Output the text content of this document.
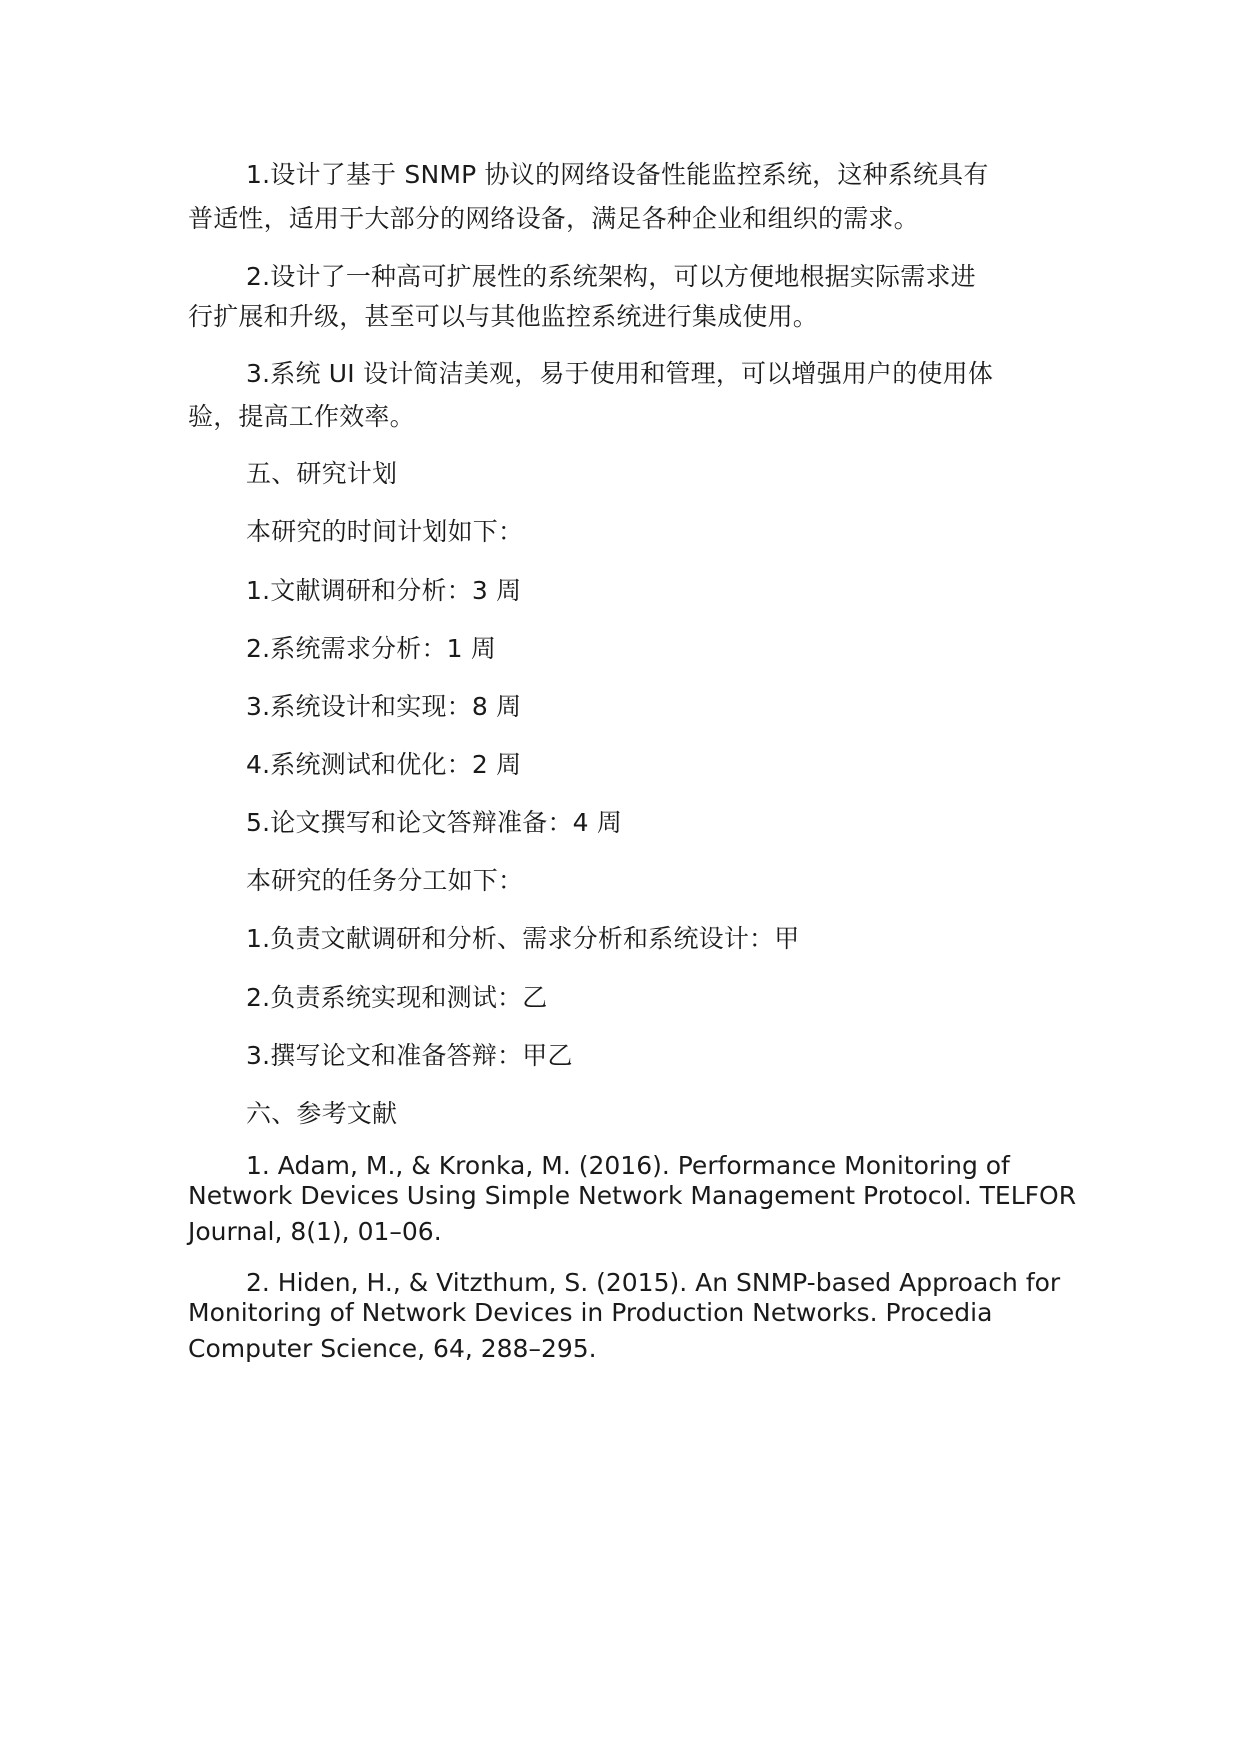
1.设计了基于 SNMP 协议的网络设备性能监控系统，这种系统具有
普适性，适用于大部分的网络设备，满足各种企业和组织的需求。
2.设计了一种高可扩展性的系统架构，可以方便地根据实际需求进
行扩展和升级，甚至可以与其他监控系统进行集成使用。
3.系统 UI 设计简洁美观，易于使用和管理，可以增强用户的使用体
验，提高工作效率。
五、研究计划
本研究的时间计划如下：
1.文献调研和分析：3 周
2.系统需求分析：1 周
3.系统设计和实现：8 周
4.系统测试和优化：2 周
5.论文撰写和论文答辩准备：4 周
本研究的任务分工如下：
1.负责文献调研和分析、需求分析和系统设计：甲
2.负责系统实现和测试：乙
3.撰写论文和准备答辩：甲乙
六、参考文献
1. Adam, M., & Kronka, M. (2016). Performance Monitoring of
Network Devices Using Simple Network Management Protocol. TELFOR
Journal, 8(1), 01–06.
2. Hiden, H., & Vitzthum, S. (2015). An SNMP-based Approach for
Monitoring of Network Devices in Production Networks. Procedia
Computer Science, 64, 288–295.
